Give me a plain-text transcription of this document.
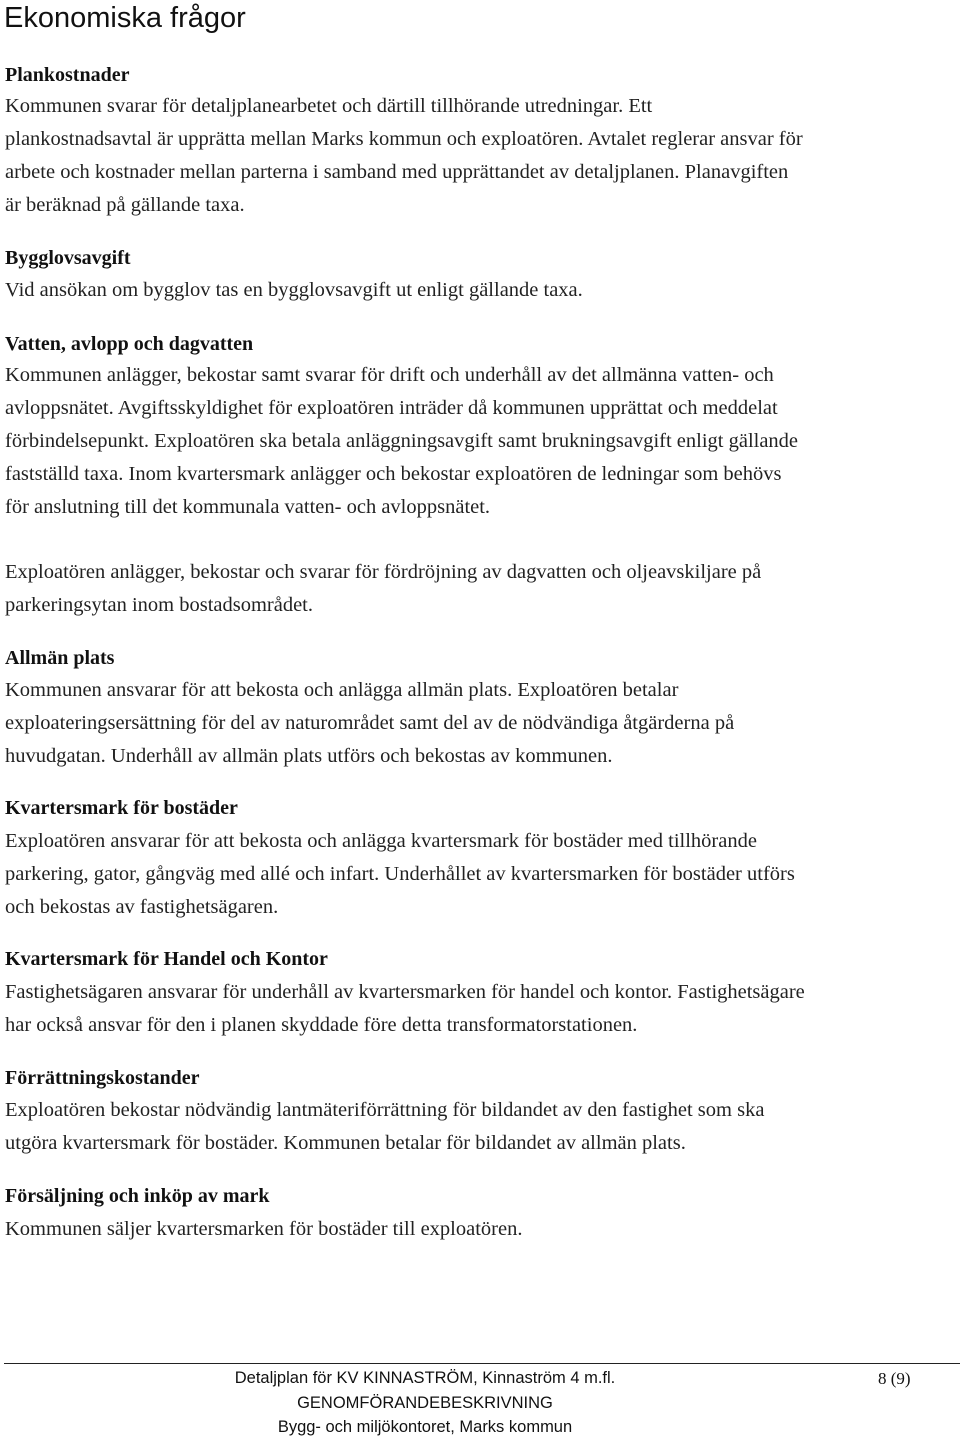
Ekonomiska frågor
Plankostnader
Kommunen svarar för detaljplanearbetet och därtill tillhörande utredningar. Ett
plankostnadsavtal är upprätta mellan Marks kommun och exploatören. Avtalet reglerar ansvar för
arbete och kostnader mellan parterna i samband med upprättandet av detaljplanen. Planavgiften
är beräknad på gällande taxa.
Bygglovsavgift
Vid ansökan om bygglov tas en bygglovsavgift ut enligt gällande taxa.
Vatten, avlopp och dagvatten
Kommunen anlägger, bekostar samt svarar för drift och underhåll av det allmänna vatten- och
avloppsnätet. Avgiftsskyldighet för exploatören inträder då kommunen upprättat och meddelat
förbindelsepunkt. Exploatören ska betala anläggningsavgift samt brukningsavgift enligt gällande
fastställd taxa. Inom kvartersmark anlägger och bekostar exploatören de ledningar som behövs
för anslutning till det kommunala vatten- och avloppsnätet.
Exploatören anlägger, bekostar och svarar för fördröjning av dagvatten och oljeavskiljare på
parkeringsytan inom bostadsområdet.
Allmän plats
Kommunen ansvarar för att bekosta och anlägga allmän plats. Exploatören betalar
exploateringsersättning för del av naturområdet samt del av de nödvändiga åtgärderna på
huvudgatan. Underhåll av allmän plats utförs och bekostas av kommunen.
Kvartersmark för bostäder
Exploatören ansvarar för att bekosta och anlägga kvartersmark för bostäder med tillhörande
parkering, gator, gångväg med allé och infart. Underhållet av kvartersmarken för bostäder utförs
och bekostas av fastighetsägaren.
Kvartersmark för Handel och Kontor
Fastighetsägaren ansvarar för underhåll av kvartersmarken för handel och kontor. Fastighetsägare
har också ansvar för den i planen skyddade före detta transformatorstationen.
Förrättningskostander
Exploatören bekostar nödvändig lantmäteriförrättning för bildandet av den fastighet som ska
utgöra kvartersmark för bostäder. Kommunen betalar för bildandet av allmän plats.
Försäljning och inköp av mark
Kommunen säljer kvartersmarken för bostäder till exploatören.
Detaljplan för KV KINNASTRÖM, Kinnaström 4 m.fl.
GENOMFÖRANDEBESKRIVNING
Bygg- och miljökontoret, Marks kommun
8 (9)
